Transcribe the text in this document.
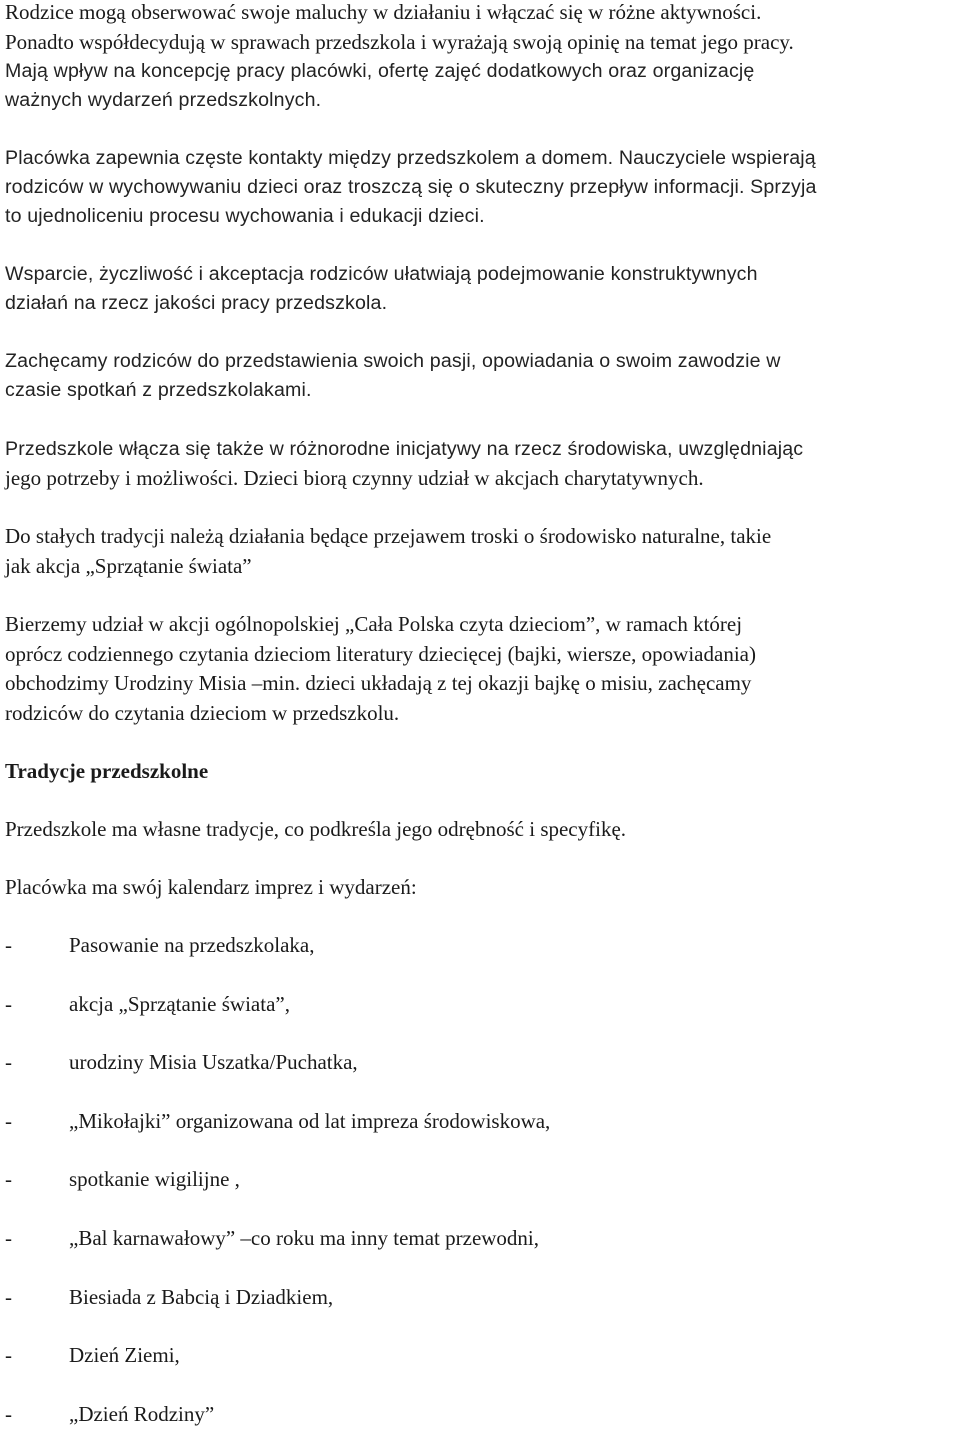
Rodzice mogą obserwować swoje maluchy w działaniu i włączać się w różne aktywności.
Ponadto współdecydują w sprawach przedszkola i wyrażają swoją opinię na temat jego pracy.
Mają wpływ na koncepcję pracy placówki, ofertę zajęć dodatkowych oraz organizację
ważnych wydarzeń przedszkolnych.
Placówka zapewnia częste kontakty między przedszkolem a domem. Nauczyciele wspierają
rodziców w wychowywaniu dzieci oraz troszczą się o skuteczny przepływ informacji. Sprzyja
to ujednoliceniu procesu wychowania i edukacji dzieci.
Wsparcie, życzliwość i akceptacja rodziców ułatwiają podejmowanie konstruktywnych
działań na rzecz jakości pracy przedszkola.
Zachęcamy rodziców do przedstawienia swoich pasji, opowiadania o swoim zawodzie w
czasie spotkań z przedszkolakami.
Przedszkole włącza się także w różnorodne inicjatywy na rzecz środowiska, uwzględniając
jego potrzeby i możliwości. Dzieci biorą czynny udział w akcjach charytatywnych.
Do stałych tradycji należą działania będące przejawem troski o środowisko naturalne, takie
jak akcja „Sprzątanie świata”
Bierzemy udział w akcji ogólnopolskiej „Cała Polska czyta dzieciom”, w ramach której
oprócz codziennego czytania dzieciom literatury dziecięcej (bajki, wiersze, opowiadania)
obchodzimy Urodziny Misia –min. dzieci układają z tej okazji bajkę o misiu, zachęcamy
rodziców do czytania dzieciom w przedszkolu.
Tradycje przedszkolne
Przedszkole ma własne tradycje, co podkreśla jego odrębność i specyfikę.
Placówka ma swój kalendarz imprez i wydarzeń:
-	Pasowanie na przedszkolaka,
-	akcja „Sprzątanie świata”,
-	urodziny Misia Uszatka/Puchatka,
-	„Mikołajki” organizowana od lat impreza środowiskowa,
-	spotkanie wigilijne ,
-	„Bal karnawałowy” –co roku ma inny temat przewodni,
-	Biesiada z Babcią i Dziadkiem,
-	Dzień Ziemi,
-	„Dzień Rodziny”
